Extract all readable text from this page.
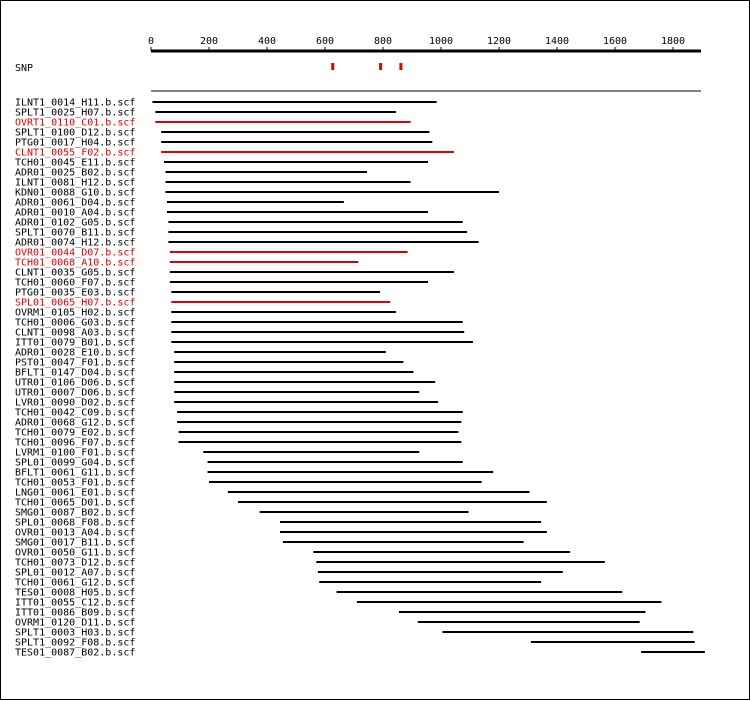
0	200	400	600	800	1000	1200	1400	1600	1800
SNP
ILNT1_0014_H11.b.scf
SPLT1_0025_H07.b.scf
OVRT1_0110_C01.b.scf
SPLT1_0100_D12.b.scf
PTG01_0017_H04.b.scf
CLNT1_0055_F02.b.scf
TCH01_0045_E11.b.scf
ADR01_0025_B02.b.scf
ILNT1_0081_H12.b.scf
KDN01_0088_G10.b.scf
ADR01_0061_D04.b.scf
ADR01_0010_A04.b.scf
ADR01_0102_G05.b.scf
SPLT1_0070_B11.b.scf
ADR01_0074_H12.b.scf
OVR01_0044_D07.b.scf
TCH01_0068_A10.b.scf
CLNT1_0035_G05.b.scf
TCH01_0060_F07.b.scf
PTG01_0035_E03.b.scf
SPL01_0065_H07.b.scf
OVRM1_0105_H02.b.scf
TCH01_0006_G03.b.scf
CLNT1_0098_A03.b.scf
ITT01_0079_B01.b.scf
ADR01_0028_E10.b.scf
PST01_0047_F01.b.scf
BFLT1_0147_D04.b.scf
UTR01_0106_D06.b.scf
UTR01_0007_D06.b.scf
LVR01_0090_D02.b.scf
TCH01_0042_C09.b.scf
ADR01_0068_G12.b.scf
TCH01_0079_E02.b.scf
TCH01_0096_F07.b.scf
LVRM1_0100_F01.b.scf
SPL01_0099_G04.b.scf
BFLT1_0061_G11.b.scf
TCH01_0053_F01.b.scf
LNG01_0061_E01.b.scf
TCH01_0065_D01.b.scf
SMG01_0087_B02.b.scf
SPL01_0068_F08.b.scf
OVR01_0013_A04.b.scf
SMG01_0017_B11.b.scf
OVR01_0050_G11.b.scf
TCH01_0073_D12.b.scf
SPL01_0012_A07.b.scf
TCH01_0061_G12.b.scf
TES01_0008_H05.b.scf
ITT01_0055_C12.b.scf
ITT01_0086_B09.b.scf
OVRM1_0120_D11.b.scf
SPLT1_0003_H03.b.scf
SPLT1_0092_F08.b.scf
TES01_0087_B02.b.scf
